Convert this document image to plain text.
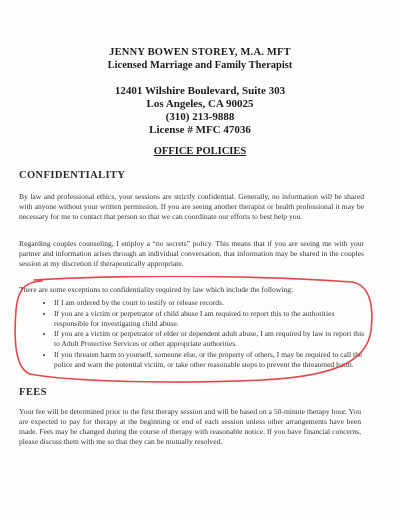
JENNY BOWEN STOREY, M.A. MFT
Licensed Marriage and Family Therapist
12401 Wilshire Boulevard, Suite 303
Los Angeles, CA 90025
(310) 213-9888
License # MFC 47036
OFFICE POLICIES
CONFIDENTIALITY
By law and professional ethics, your sessions are strictly confidential. Generally, no information will be shared with anyone without your written permission. If you are seeing another therapist or health professional it may be necessary for me to contact that person so that we can coordinate our efforts to best help you.
Regarding couples counseling, I employ a “no secrets” policy. This means that if you are seeing me with your partner and information arises through an individual conversation, that information may be shared in the couples session at my discretion if therapeutically appropriate.
There are some exceptions to confidentiality required by law which include the following:
• If I am ordered by the court to testify or release records.
• If you are a victim or perpetrator of child abuse I am required to report this to the authorities responsible for investigating child abuse.
• If you are a victim or perpetrator of elder or dependent adult abuse, I am required by law to report this to Adult Protective Services or other appropriate authorities.
• If you threaten harm to yourself, someone else, or the property of others, I may be required to call the police and warn the potential victim, or take other reasonable steps to prevent the threatened harm.
FEES
Your fee will be determined prior to the first therapy session and will be based on a 50-minute therapy hour. You are expected to pay for therapy at the beginning or end of each session unless other arrangements have been made. Fees may be changed during the course of therapy with reasonable notice. If you have financial concerns, please discuss them with me so that they can be mutually resolved.
